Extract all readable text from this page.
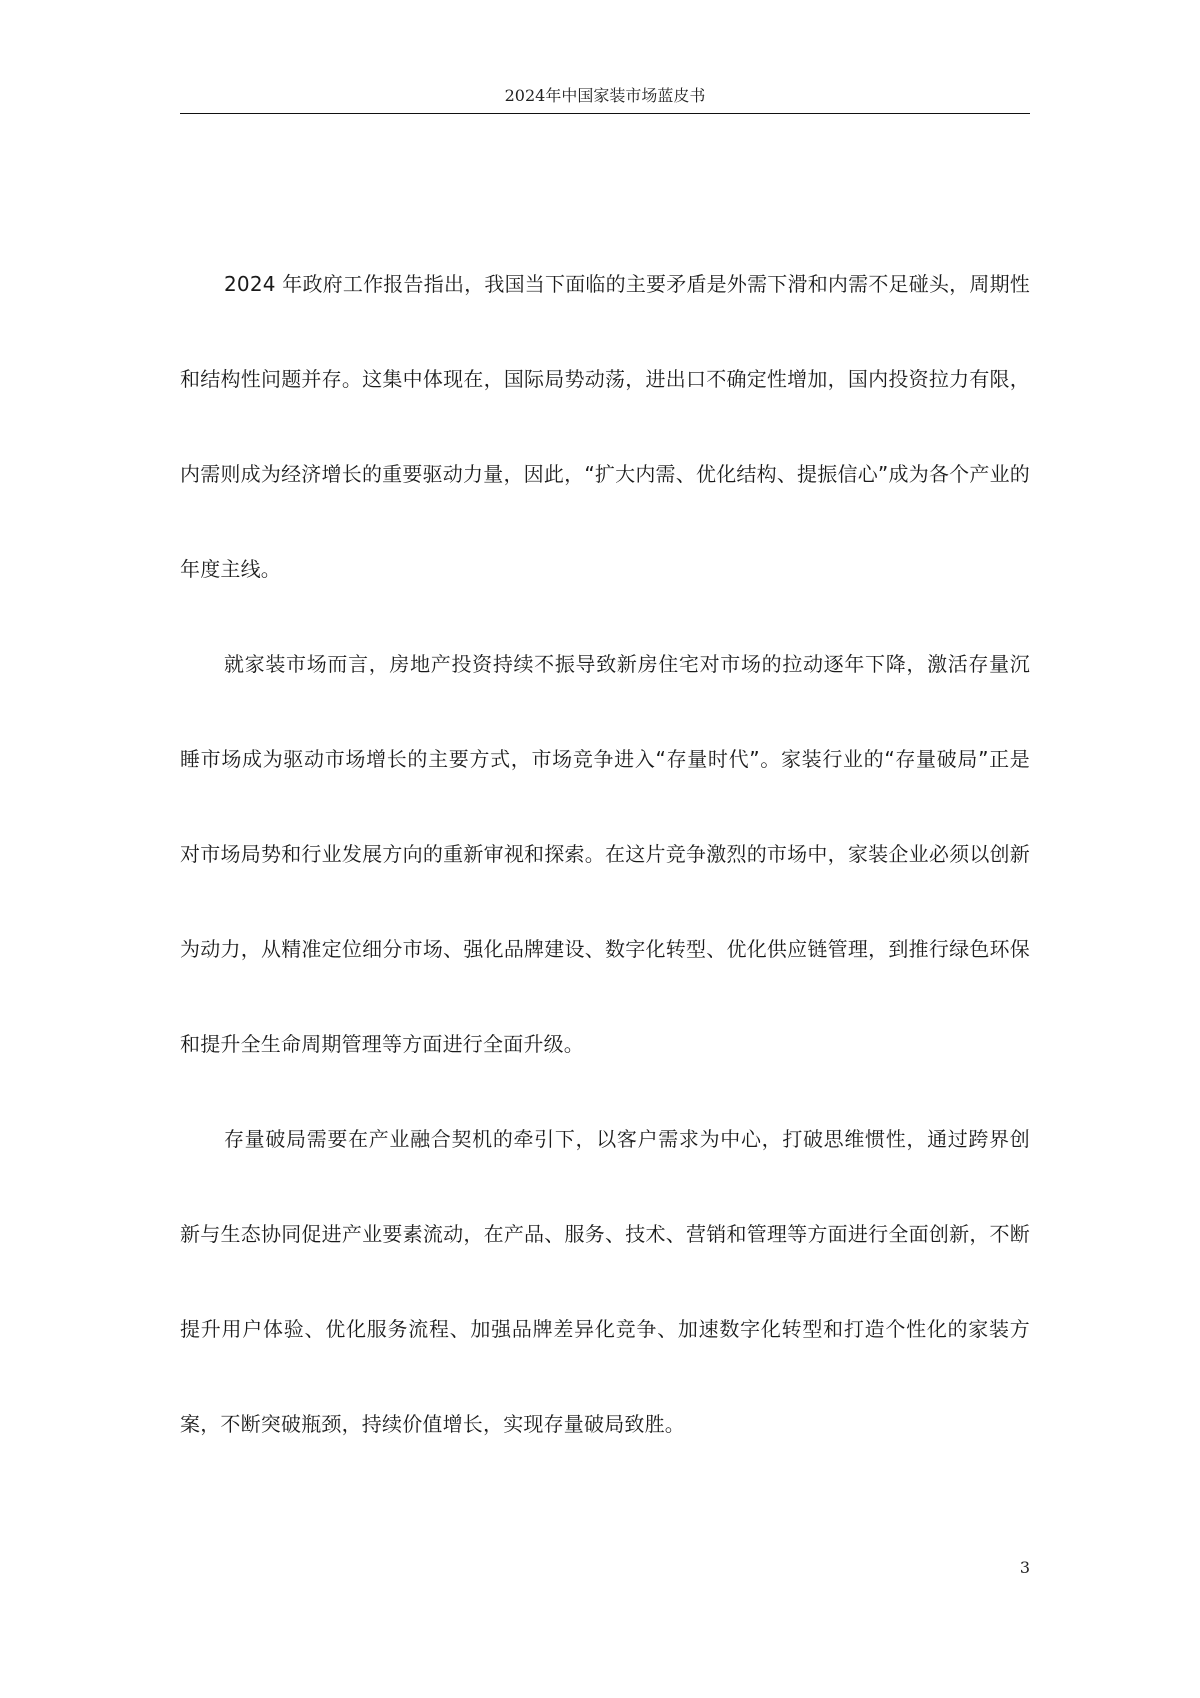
2024年中国家装市场蓝皮书

2024 年政府工作报告指出，我国当下面临的主要矛盾是外需下滑和内需不足碰头，周期性和结构性问题并存。这集中体现在，国际局势动荡，进出口不确定性增加，国内投资拉力有限，内需则成为经济增长的重要驱动力量，因此，“扩大内需、优化结构、提振信心”成为各个产业的年度主线。

就家装市场而言，房地产投资持续不振导致新房住宅对市场的拉动逐年下降，激活存量沉睡市场成为驱动市场增长的主要方式，市场竞争进入“存量时代”。家装行业的“存量破局”正是对市场局势和行业发展方向的重新审视和探索。在这片竞争激烈的市场中，家装企业必须以创新为动力，从精准定位细分市场、强化品牌建设、数字化转型、优化供应链管理，到推行绿色环保和提升全生命周期管理等方面进行全面升级。

存量破局需要在产业融合契机的牵引下，以客户需求为中心，打破思维惯性，通过跨界创新与生态协同促进产业要素流动，在产品、服务、技术、营销和管理等方面进行全面创新，不断提升用户体验、优化服务流程、加强品牌差异化竞争、加速数字化转型和打造个性化的家装方案，不断突破瓶颈，持续价值增长，实现存量破局致胜。

3
